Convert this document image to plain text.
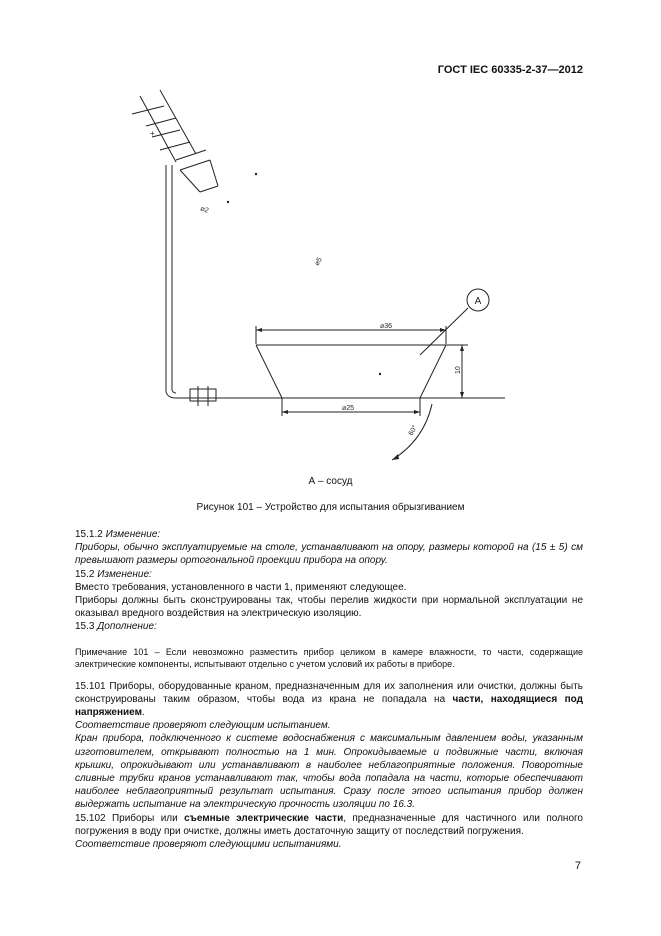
ГОСТ IEC 60335-2-37—2012
+
А
⌀2
⌀5
⌀36
10
⌀25
60°
А – сосуд
Рисунок 101 – Устройство для испытания обрызгиванием

15.1.2 Изменение:

Приборы, обычно эксплуатируемые на столе, устанавливают на опору, размеры которой на (15 ± 5) см превышают размеры ортогональной проекции прибора на опору.

15.2 Изменение:

Вместо требования, установленного в части 1, применяют следующее.

Приборы должны быть сконструированы так, чтобы перелив жидкости при нормальной эксплуатации не оказывал вредного воздействия на электрическую изоляцию.

15.3 Дополнение:

Примечание 101 – Если невозможно разместить прибор целиком в камере влажности, то части, содержащие электрические компоненты, испытывают отдельно с учетом условий их работы в приборе.

15.101 Приборы, оборудованные краном, предназначенным для их заполнения или очистки, должны быть сконструированы таким образом, чтобы вода из крана не попадала на части, находящиеся под напряжением.

Соответствие проверяют следующим испытанием.

Кран прибора, подключенного к системе водоснабжения с максимальным давлением воды, указанным изготовителем, открывают полностью на 1 мин. Опрокидываемые и подвижные части, включая крышки, опрокидывают или устанавливают в наиболее неблагоприятные положения. Поворотные сливные трубки кранов устанавливают так, чтобы вода попадала на части, которые обеспечивают наиболее неблагоприятный результат испытания. Сразу после этого испытания прибор должен выдержать испытание на электрическую прочность изоляции по 16.3.

15.102 Приборы или съемные электрические части, предназначенные для частичного или полного погружения в воду при очистке, должны иметь достаточную защиту от последствий погружения.

Соответствие проверяют следующими испытаниями.

7
